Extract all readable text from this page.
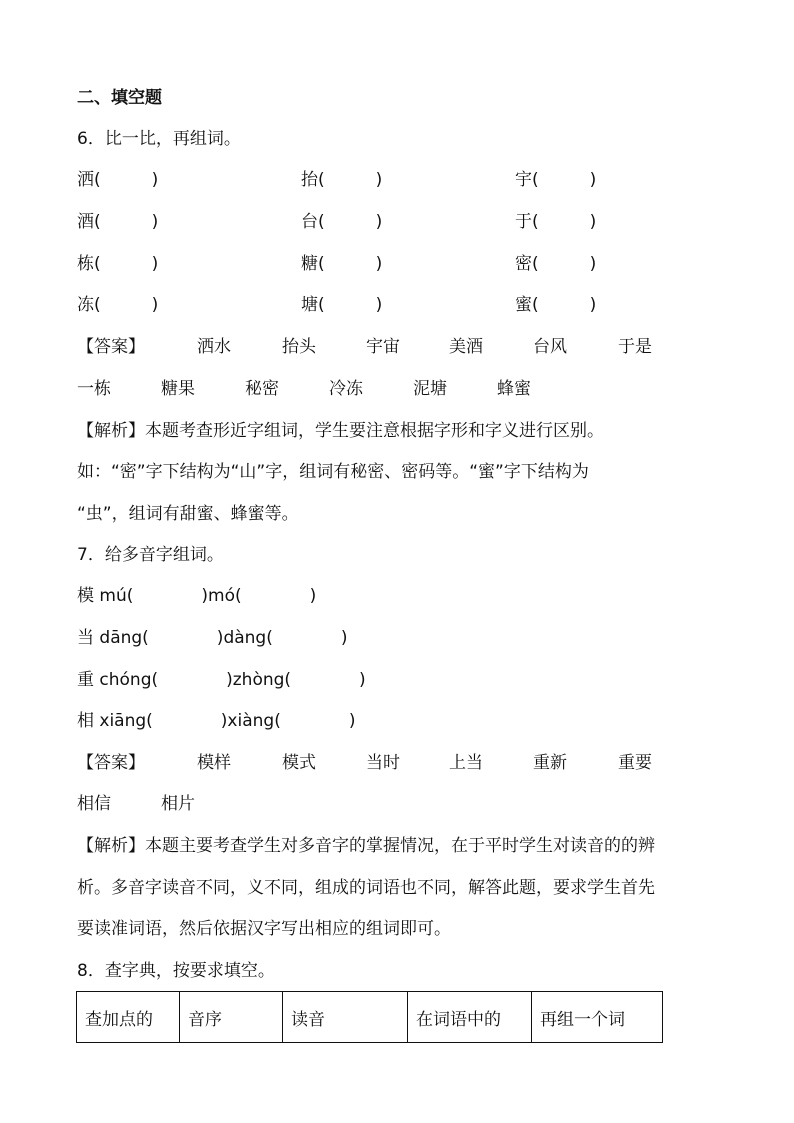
二、填空题
6．比一比，再组词。
洒(　　　)	抬(　　　)	宇(　　　)
酒(　　　)	台(　　　)	于(　　　)
栋(　　　)	糖(　　　)	密(　　　)
冻(　　　)	塘(　　　)	蜜(　　　)
【答案】	洒水	抬头	宇宙	美酒	台风	于是
一栋	糖果	秘密	冷冻	泥塘	蜂蜜
【解析】本题考查形近字组词，学生要注意根据字形和字义进行区别。
如：“密”字下结构为“山”字，组词有秘密、密码等。“蜜”字下结构为
“虫”，组词有甜蜜、蜂蜜等。
7．给多音字组词。
模 mú(　　　　)mó(　　　　)
当 dāng(　　　　)dàng(　　　　)
重 chóng(　　　　)zhòng(　　　　)
相 xiāng(　　　　)xiàng(　　　　)
【答案】	模样	模式	当时	上当	重新	重要
相信	相片
【解析】本题主要考查学生对多音字的掌握情况，在于平时学生对读音的的辨
析。多音字读音不同，义不同，组成的词语也不同，解答此题，要求学生首先
要读准词语，然后依据汉字写出相应的组词即可。
8．查字典，按要求填空。
查加点的	音序	读音	在词语中的	再组一个词
